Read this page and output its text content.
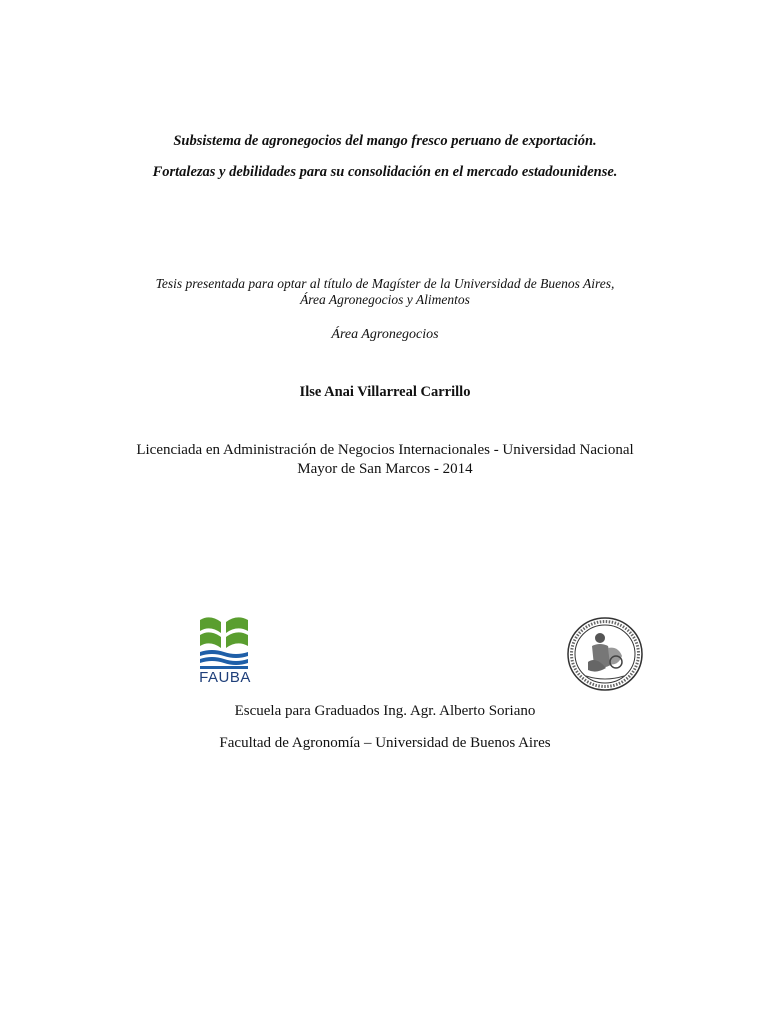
Subsistema de agronegocios del mango fresco peruano de exportación.
Fortalezas y debilidades para su consolidación en el mercado estadounidense.
Tesis presentada para optar al título de Magíster de la Universidad de Buenos Aires,
Área Agronegocios y Alimentos
Área Agronegocios
Ilse Anai Villarreal Carrillo
Licenciada en Administración de Negocios Internacionales - Universidad Nacional
Mayor de San Marcos - 2014
FAUBA
Escuela para Graduados Ing. Agr. Alberto Soriano
Facultad de Agronomía – Universidad de Buenos Aires
